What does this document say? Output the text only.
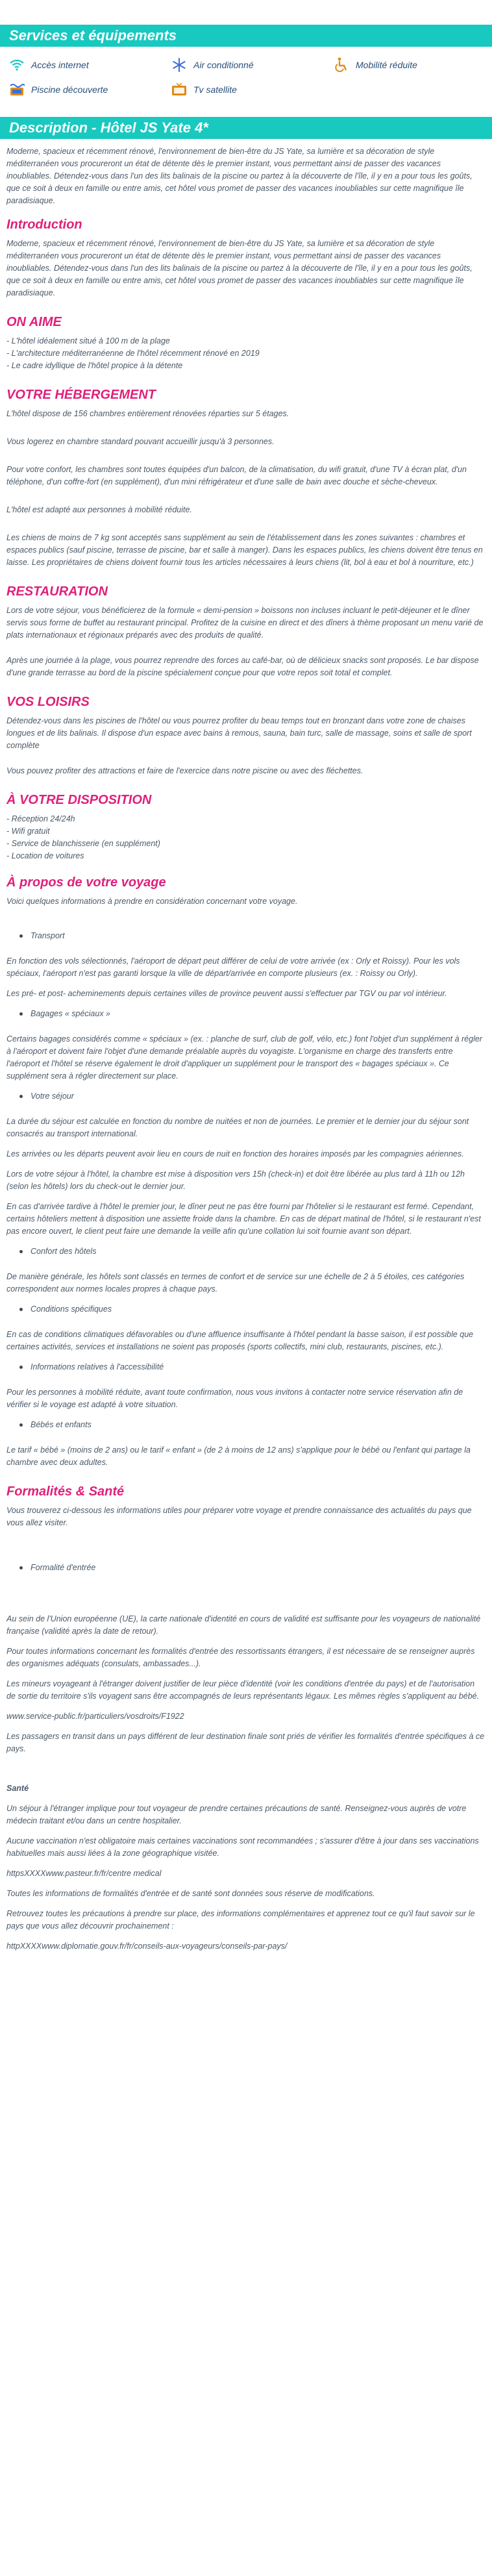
Services et équipements
Accès internet	Air conditionné	Mobilité réduite
Piscine découverte	Tv satellite
Description - Hôtel JS Yate 4*

Moderne, spacieux et récemment rénové, l'environnement de bien-être du JS Yate, sa lumière et sa décoration de style méditerranéen vous procureront un état de détente dès le premier instant, vous permettant ainsi de passer des vacances inoubliables. Détendez-vous dans l'un des lits balinais de la piscine ou partez à la découverte de l'île, il y en a pour tous les goûts, que ce soit à deux en famille ou entre amis, cet hôtel vous promet de passer des vacances inoubliables sur cette magnifique île paradisiaque.

Introduction

Moderne, spacieux et récemment rénové, l'environnement de bien-être du JS Yate, sa lumière et sa décoration de style méditerranéen vous procureront un état de détente dès le premier instant, vous permettant ainsi de passer des vacances inoubliables. Détendez-vous dans l'un des lits balinais de la piscine ou partez à la découverte de l'île, il y en a pour tous les goûts, que ce soit à deux en famille ou entre amis, cet hôtel vous promet de passer des vacances inoubliables sur cette magnifique île paradisiaque.

ON AIME
- L'hôtel idéalement situé à 100 m de la plage
- L'architecture méditerranéenne de l'hôtel récemment rénové en 2019
- Le cadre idyllique de l'hôtel propice à la détente
VOTRE HÉBERGEMENT

L'hôtel dispose de 156 chambres entièrement rénovées réparties sur 5 étages.

Vous logerez en chambre standard pouvant accueillir jusqu'à 3 personnes.

Pour votre confort, les chambres sont toutes équipées d'un balcon, de la climatisation, du wifi gratuit, d'une TV à écran plat, d'un téléphone, d'un coffre-fort (en supplément), d'un mini réfrigérateur et d'une salle de bain avec douche et sèche-cheveux.

L'hôtel est adapté aux personnes à mobilité réduite.

Les chiens de moins de 7 kg sont acceptés sans supplément au sein de l'établissement dans les zones suivantes : chambres et espaces publics (sauf piscine, terrasse de piscine, bar et salle à manger). Dans les espaces publics, les chiens doivent être tenus en laisse. Les propriétaires de chiens doivent fournir tous les articles nécessaires à leurs chiens (lit, bol à eau et bol à nourriture, etc.)

RESTAURATION

Lors de votre séjour, vous bénéficierez de la formule « demi-pension » boissons non incluses incluant le petit-déjeuner et le dîner servis sous forme de buffet au restaurant principal. Profitez de la cuisine en direct et des dîners à thème proposant un menu varié de plats internationaux et régionaux préparés avec des produits de qualité.

Après une journée à la plage, vous pourrez reprendre des forces au café-bar, où de délicieux snacks sont proposés. Le bar dispose d'une grande terrasse au bord de la piscine spécialement conçue pour que votre repos soit total et complet.

VOS LOISIRS

Détendez-vous dans les piscines de l'hôtel ou vous pourrez profiter du beau temps tout en bronzant dans votre zone de chaises longues et de lits balinais. Il dispose d'un espace avec bains à remous, sauna, bain turc, salle de massage, soins et salle de sport complète

Vous pouvez profiter des attractions et faire de l'exercice dans notre piscine ou avec des fléchettes.

À VOTRE DISPOSITION
- Réception 24/24h
- Wifi gratuit
- Service de blanchisserie (en supplément)
- Location de voitures
À propos de votre voyage

Voici quelques informations à prendre en considération concernant votre voyage.

Transport

En fonction des vols sélectionnés, l'aéroport de départ peut différer de celui de votre arrivée (ex : Orly et Roissy). Pour les vols spéciaux, l'aéroport n'est pas garanti lorsque la ville de départ/arrivée en comporte plusieurs (ex. : Roissy ou Orly).

Les pré- et post- acheminements depuis certaines villes de province peuvent aussi s'effectuer par TGV ou par vol intérieur.

Bagages « spéciaux »

Certains bagages considérés comme « spéciaux » (ex. : planche de surf, club de golf, vélo, etc.) font l'objet d'un supplément à régler à l'aéroport et doivent faire l'objet d'une demande préalable auprès du voyagiste. L'organisme en charge des transferts entre l'aéroport et l'hôtel se réserve également le droit d'appliquer un supplément pour le transport des « bagages spéciaux ». Ce supplément sera à régler directement sur place.

Votre séjour

La durée du séjour est calculée en fonction du nombre de nuitées et non de journées. Le premier et le dernier jour du séjour sont consacrés au transport international.

Les arrivées ou les départs peuvent avoir lieu en cours de nuit en fonction des horaires imposés par les compagnies aériennes.

Lors de votre séjour à l'hôtel, la chambre est mise à disposition vers 15h (check-in) et doit être libérée au plus tard à 11h ou 12h (selon les hôtels) lors du check-out le dernier jour.

En cas d'arrivée tardive à l'hôtel le premier jour, le dîner peut ne pas être fourni par l'hôtelier si le restaurant est fermé. Cependant, certains hôteliers mettent à disposition une assiette froide dans la chambre. En cas de départ matinal de l'hôtel, si le restaurant n'est pas encore ouvert, le client peut faire une demande la veille afin qu'une collation lui soit fournie avant son départ.

Confort des hôtels

De manière générale, les hôtels sont classés en termes de confort et de service sur une échelle de 2 à 5 étoiles, ces catégories correspondent aux normes locales propres à chaque pays.

Conditions spécifiques

En cas de conditions climatiques défavorables ou d'une affluence insuffisante à l'hôtel pendant la basse saison, il est possible que certaines activités, services et installations ne soient pas proposés (sports collectifs, mini club, restaurants, piscines, etc.).

Informations relatives à l'accessibilité

Pour les personnes à mobilité réduite, avant toute confirmation, nous vous invitons à contacter notre service réservation afin de vérifier si le voyage est adapté à votre situation.

Bébés et enfants

Le tarif « bébé » (moins de 2 ans) ou le tarif « enfant » (de 2 à moins de 12 ans) s'applique pour le bébé ou l'enfant qui partage la chambre avec deux adultes.

Formalités & Santé

Vous trouverez ci-dessous les informations utiles pour préparer votre voyage et prendre connaissance des actualités du pays que vous allez visiter.

Formalité d'entrée

Au sein de l'Union européenne (UE), la carte nationale d'identité en cours de validité est suffisante pour les voyageurs de nationalité française (validité après la date de retour).

Pour toutes informations concernant les formalités d'entrée des ressortissants étrangers, il est nécessaire de se renseigner auprès des organismes adéquats (consulats, ambassades...).

Les mineurs voyageant à l'étranger doivent justifier de leur pièce d'identité (voir les conditions d'entrée du pays) et de l'autorisation de sortie du territoire s'ils voyagent sans être accompagnés de leurs représentants légaux. Les mêmes règles s'appliquent au bébé.

www.service-public.fr/particuliers/vosdroits/F1922

Les passagers en transit dans un pays différent de leur destination finale sont priés de vérifier les formalités d'entrée spécifiques à ce pays.

Santé

Un séjour à l'étranger implique pour tout voyageur de prendre certaines précautions de santé. Renseignez-vous auprès de votre médecin traitant et/ou dans un centre hospitalier.

Aucune vaccination n'est obligatoire mais certaines vaccinations sont recommandées ; s'assurer d'être à jour dans ses vaccinations habituelles mais aussi liées à la zone géographique visitée.

httpsXXXXwww.pasteur.fr/fr/centre medical

Toutes les informations de formalités d'entrée et de santé sont données sous réserve de modifications.

Retrouvez toutes les précautions à prendre sur place, des informations complémentaires et apprenez tout ce qu'il faut savoir sur le pays que vous allez découvrir prochainement :

httpXXXXwww.diplomatie.gouv.fr/fr/conseils-aux-voyageurs/conseils-par-pays/
